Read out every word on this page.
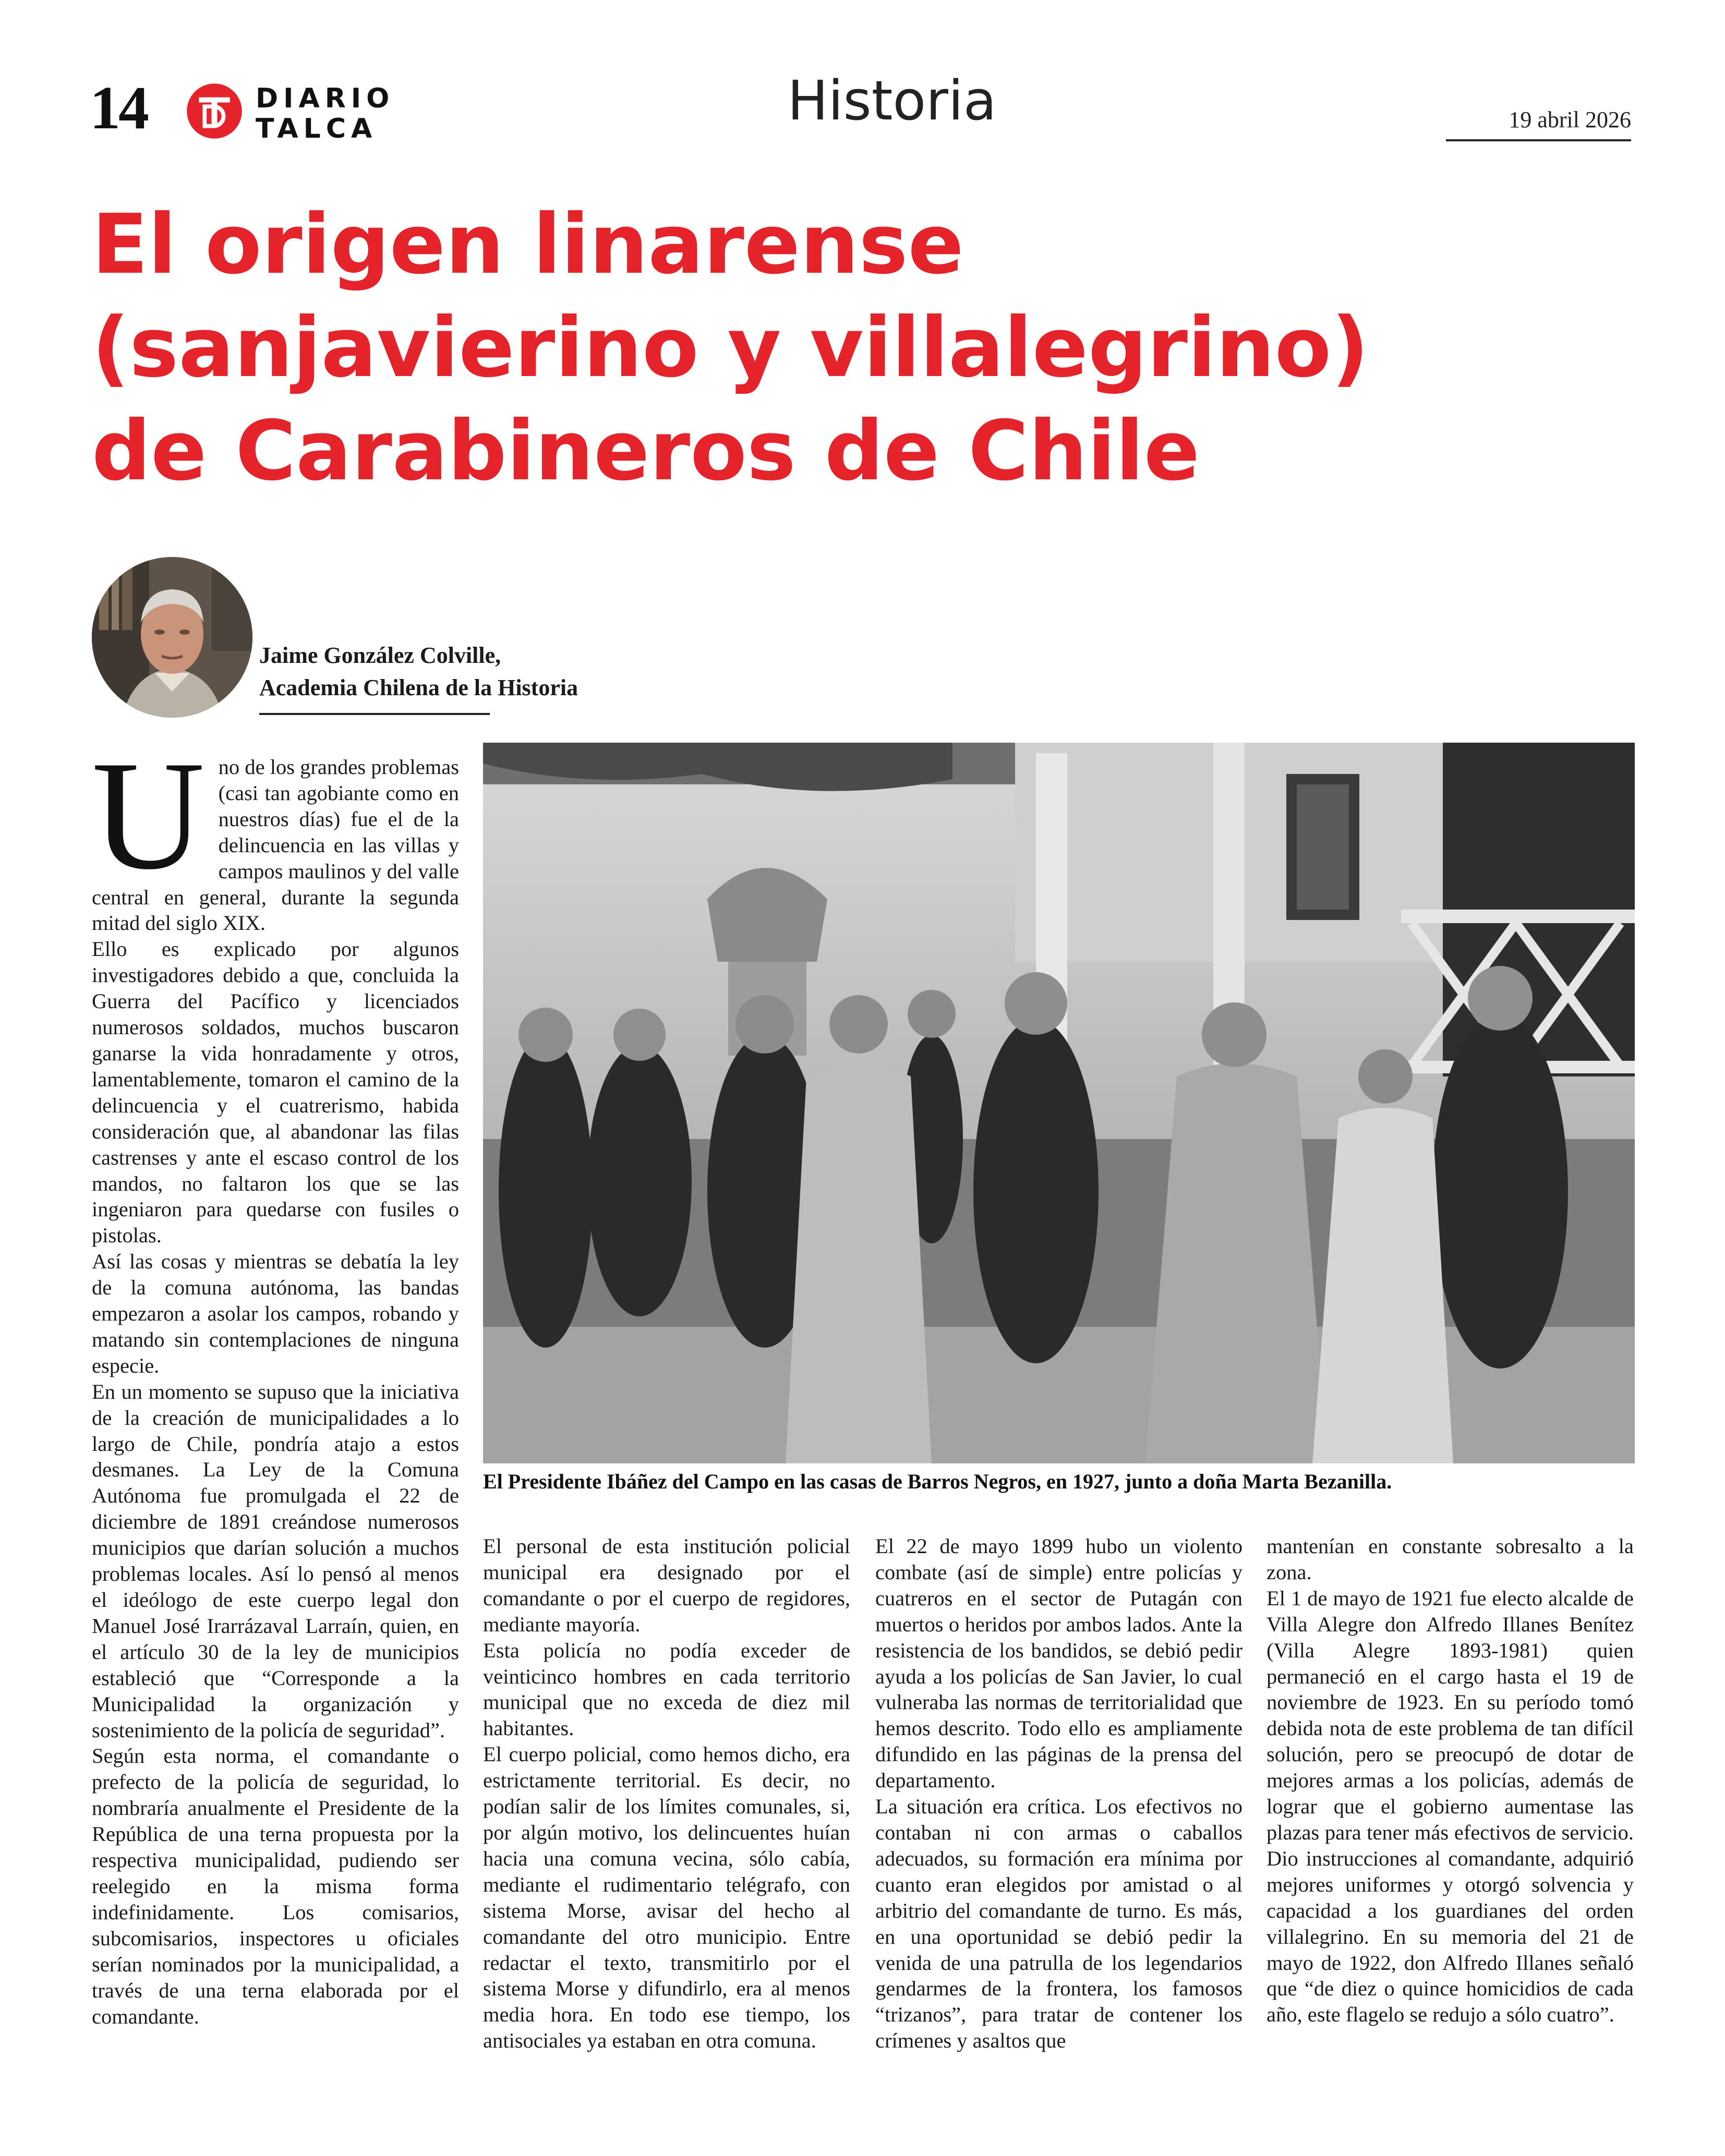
14	DIARIO
TALCA	Historia	19 abril 2026
El origen linarense
(sanjavierino y villalegrino)
de Carabineros de Chile
Jaime González Colville,
Academia Chilena de la Historia
El Presidente Ibáñez del Campo en las casas de Barros Negros, en 1927, junto a doña Marta Bezanilla.

Uno de los grandes problemas (casi tan agobiante como en nuestros días) fue el de la delincuencia en las villas y campos maulinos y del valle central en general, durante la segunda mitad del siglo XIX.

Ello es explicado por algunos investigadores debido a que, concluida la Guerra del Pacífico y licenciados numerosos soldados, muchos buscaron ganarse la vida honradamente y otros, lamentablemente, tomaron el camino de la delincuencia y el cuatrerismo, habida consideración que, al abandonar las filas castrenses y ante el escaso control de los mandos, no faltaron los que se las ingeniaron para quedarse con fusiles o pistolas.

Así las cosas y mientras se debatía la ley de la comuna autónoma, las bandas empezaron a asolar los campos, robando y matando sin contemplaciones de ninguna especie.

En un momento se supuso que la iniciativa de la creación de municipalidades a lo largo de Chile, pondría atajo a estos desmanes. La Ley de la Comuna Autónoma fue promulgada el 22 de diciembre de 1891 creándose numerosos municipios que darían solución a muchos problemas locales. Así lo pensó al menos el ideólogo de este cuerpo legal don Manuel José Irarrázaval Larraín, quien, en el artículo 30 de la ley de municipios estableció que “Corresponde a la Municipalidad la organización y sostenimiento de la policía de seguridad”.

Según esta norma, el comandante o prefecto de la policía de seguridad, lo nombraría anualmente el Presidente de la República de una terna propuesta por la respectiva municipalidad, pudiendo ser reelegido en la misma forma indefinidamente. Los comisarios, subcomisarios, inspectores u oficiales serían nominados por la municipalidad, a través de una terna elaborada por el comandante.

El personal de esta institución policial municipal era designado por el comandante o por el cuerpo de regidores, mediante mayoría.

Esta policía no podía exceder de veinticinco hombres en cada territorio municipal que no exceda de diez mil habitantes.

El cuerpo policial, como hemos dicho, era estrictamente territorial. Es decir, no podían salir de los límites comunales, si, por algún motivo, los delincuentes huían hacia una comuna vecina, sólo cabía, mediante el rudimentario telégrafo, con sistema Morse, avisar del hecho al comandante del otro municipio. Entre redactar el texto, transmitirlo por el sistema Morse y difundirlo, era al menos media hora. En todo ese tiempo, los antisociales ya estaban en otra comuna.

El 22 de mayo 1899 hubo un violento combate (así de simple) entre policías y cuatreros en el sector de Putagán con muertos o heridos por ambos lados. Ante la resistencia de los bandidos, se debió pedir ayuda a los policías de San Javier, lo cual vulneraba las normas de territorialidad que hemos descrito. Todo ello es ampliamente difundido en las páginas de la prensa del departamento.

La situación era crítica. Los efectivos no contaban ni con armas o caballos adecuados, su formación era mínima por cuanto eran elegidos por amistad o al arbitrio del comandante de turno. Es más, en una oportunidad se debió pedir la venida de una patrulla de los legendarios gendarmes de la frontera, los famosos “trizanos”, para tratar de contener los crímenes y asaltos que

mantenían en constante sobresalto a la zona.

El 1 de mayo de 1921 fue electo alcalde de Villa Alegre don Alfredo Illanes Benítez (Villa Alegre 1893-1981) quien permaneció en el cargo hasta el 19 de noviembre de 1923. En su período tomó debida nota de este problema de tan difícil solución, pero se preocupó de dotar de mejores armas a los policías, además de lograr que el gobierno aumentase las plazas para tener más efectivos de servicio. Dio instrucciones al comandante, adquirió mejores uniformes y otorgó solvencia y capacidad a los guardianes del orden villalegrino. En su memoria del 21 de mayo de 1922, don Alfredo Illanes señaló que “de diez o quince homicidios de cada año, este flagelo se redujo a sólo cuatro”.
